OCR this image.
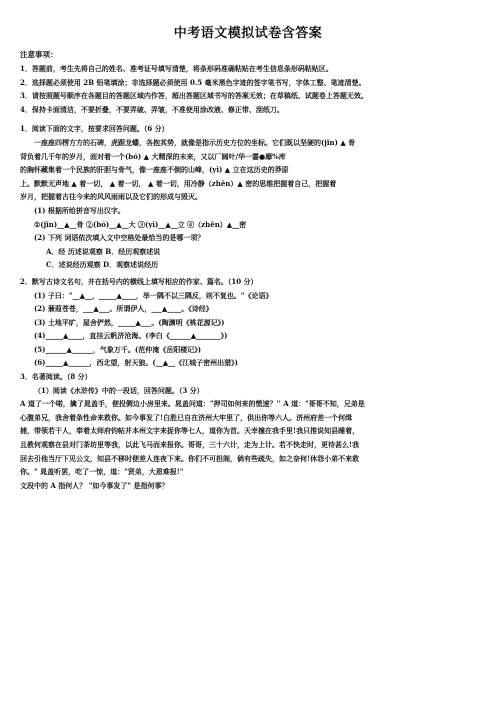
中考语文模拟试卷含答案
注意事项：
1．答题前，考生先将自己的姓名、准考证号填写清楚，将条形码准确粘贴在考生信息条形码粘贴区。
2．选择题必须使用 2B 铅笔填涂；非选择题必须使用 0.5 毫米黑色字迹的签字笔书写，字体工整、笔迹清楚。
3．请按照题号顺序在各题目的答题区域内作答，超出答题区域书写的答案无效；在草稿纸、试题卷上答题无效。
4．保持卡面清洁，不要折叠，不要弄破、弄皱，不准使用涂改液、修正带、刮纸刀。
1．阅读下面的文字，按要求回答问题。（6 分）
一座座四楞方方的石碑，虎踞龙蟠，各抱其势，就像是指示历史方位的坐标。它们既以坚硬的(jīn) ▲ 骨
背负着几千年的岁月，面对着一个(bó) ▲ 大精深的未来，又以厂阔叶/华一霎●靡%库
的胸怀藏集着一个民族的肝胆与骨气，像一座座不倒的山峰，(yì) ▲ 立在这历史的莽原
上。默默无声地 ▲ 着一切， ▲ 着一切， ▲ 着一切，用冷静（zhēn）▲ 密的思维把握着自己，把握着
岁月，把握着古往今来的风风雨雨以及它们的形成与毁灭。
(1) 根据所给拼音写出汉字。
①(jīn)__▲__骨 ②(bó)__▲__大 ③(yì)__▲__立 ④（zhēn）▲__密
(2) 下列 词语依次填入文中空格处最恰当的是哪一项？
A．经 历述说观察 B．经历观察述说
C．述说经历观察 D．观察述说经历
2．默写古诗文名句，并在括号内的横线上填写相应的作家、篇名。（10 分）
(1) 子曰："__▲__，_____▲____，举一隅不以三隅反，则不复也。"《论语》
(2) 蒹葭苍苍，___▲___。所谓伊人，___▲____。《诗经》
(3) 土地平旷，屋舍俨然，_____▲___。(陶渊明《桃花源记》)
(4)_____▲____，直挂云帆济沧海。(李白《______▲_______》)
(5)______▲______，气象万千。(范仲淹《岳阳楼记》)
(6)_____▲______，西北望，射天狼。(__▲__《江城子密州出猎》)
3．名著阅读。（8 分）
（1）阅读《水浒传》中的一段话，回答问题。（3 分）
A 道了一个喏，擒了晁盖手，便投侧边小房里来。晁盖问道："押司如何来的慌速？'' A 道："哥哥不知，兄弟是
心腹弟兄，我舍着条性命来救你。如今事发了!白胜已自在济州大牢里了，供出你等六人。济州府差一个何缉
捕，带领若干人，奉着太师府钧帖并本州文字来捉你等七人，道你为首。天幸撞在我手里!我只推说知县睡着，
且教何观察在县对门茶坊里等我，以此飞马而来报你。哥哥，三十六计，走为上计。若不快走时，更待甚么!我
回去引他当厅下见公文，知县不移时便差人连夜下来。你们不可担阁，倘有些疏失，如之奈何!休怨小弟不来救
你。" 晁盖听罢，吃了一惊，道："贤弟，大恩难报!"
文段中的 A 指何人？ "如今事发了" 是指何事？
